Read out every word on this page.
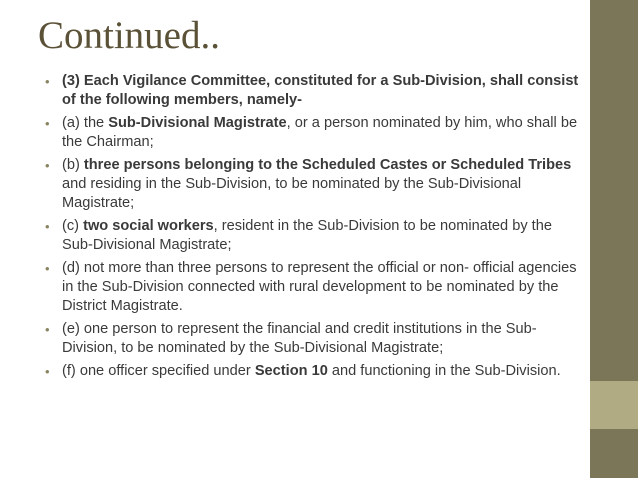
Continued..
• (3) Each Vigilance Committee, constituted for a Sub-Division, shall consist of the following members, namely-
• (a) the Sub-Divisional Magistrate, or a person nominated by him, who shall be the Chairman;
• (b) three persons belonging to the Scheduled Castes or Scheduled Tribes and residing in the Sub-Division, to be nominated by the Sub-Divisional Magistrate;
• (c) two social workers, resident in the Sub-Division to be nominated by the Sub-Divisional Magistrate;
• (d) not more than three persons to represent the official or non- official agencies in the Sub-Division connected with rural development to be nominated by the District Magistrate.
• (e) one person to represent the financial and credit institutions in the Sub-Division, to be nominated by the Sub-Divisional Magistrate;
• (f) one officer specified under Section 10 and functioning in the Sub-Division.
